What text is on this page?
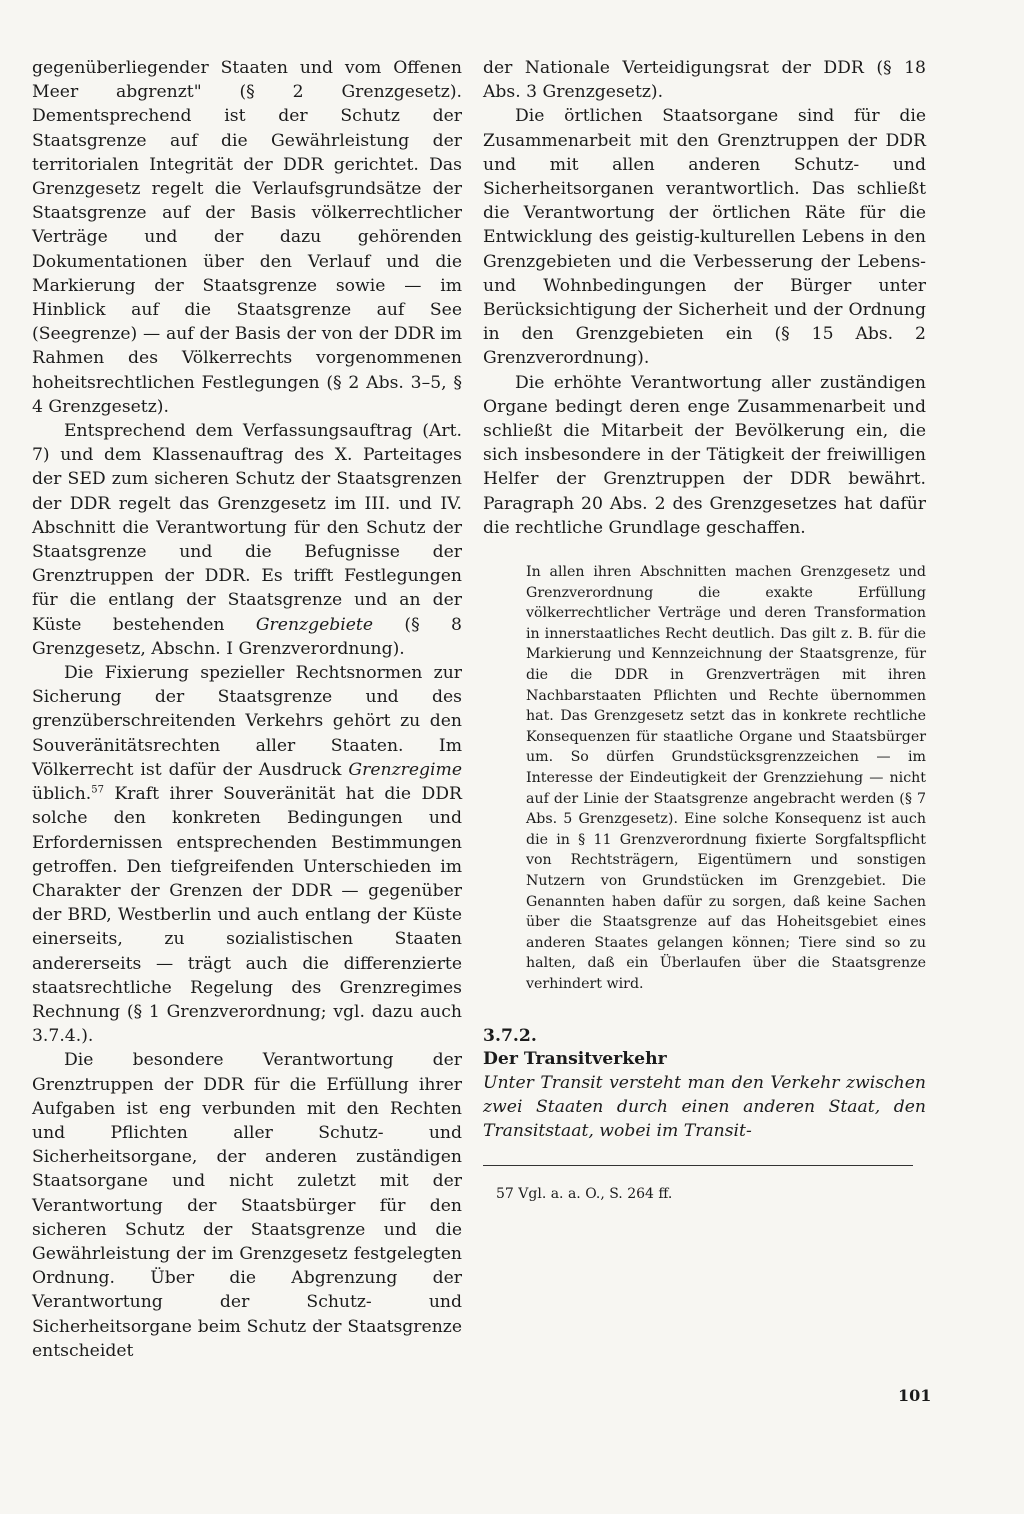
gegenüberliegender Staaten und vom Offenen Meer abgrenzt" (§ 2 Grenzgesetz). Dementsprechend ist der Schutz der Staatsgrenze auf die Gewährleistung der territorialen Integrität der DDR gerichtet. Das Grenzgesetz regelt die Verlaufsgrundsätze der Staatsgrenze auf der Basis völkerrechtlicher Verträge und der dazu gehörenden Dokumentationen über den Verlauf und die Markierung der Staatsgrenze sowie — im Hinblick auf die Staatsgrenze auf See (Seegrenze) — auf der Basis der von der DDR im Rahmen des Völkerrechts vorgenommenen hoheitsrechtlichen Festlegungen (§ 2 Abs. 3–5, § 4 Grenzgesetz).

Entsprechend dem Verfassungsauftrag (Art. 7) und dem Klassenauftrag des X. Parteitages der SED zum sicheren Schutz der Staatsgrenzen der DDR regelt das Grenzgesetz im III. und IV. Abschnitt die Verantwortung für den Schutz der Staatsgrenze und die Befugnisse der Grenztruppen der DDR. Es trifft Festlegungen für die entlang der Staatsgrenze und an der Küste bestehenden Grenzgebiete (§ 8 Grenzgesetz, Abschn. I Grenzverordnung).

Die Fixierung spezieller Rechtsnormen zur Sicherung der Staatsgrenze und des grenzüberschreitenden Verkehrs gehört zu den Souveränitätsrechten aller Staaten. Im Völkerrecht ist dafür der Ausdruck Grenzregime üblich.$^{57}$ Kraft ihrer Souveränität hat die DDR solche den konkreten Bedingungen und Erfordernissen entsprechenden Bestimmungen getroffen. Den tiefgreifenden Unterschieden im Charakter der Grenzen der DDR — gegenüber der BRD, Westberlin und auch entlang der Küste einerseits, zu sozialistischen Staaten andererseits — trägt auch die differenzierte staatsrechtliche Regelung des Grenzregimes Rechnung (§ 1 Grenzverordnung; vgl. dazu auch 3.7.4.).

Die besondere Verantwortung der Grenztruppen der DDR für die Erfüllung ihrer Aufgaben ist eng verbunden mit den Rechten und Pflichten aller Schutz- und Sicherheitsorgane, der anderen zuständigen Staatsorgane und nicht zuletzt mit der Verantwortung der Staatsbürger für den sicheren Schutz der Staatsgrenze und die Gewährleistung der im Grenzgesetz festgelegten Ordnung. Über die Abgrenzung der Verantwortung der Schutz- und Sicherheitsorgane beim Schutz der Staatsgrenze entscheidet

der Nationale Verteidigungsrat der DDR (§ 18 Abs. 3 Grenzgesetz).

Die örtlichen Staatsorgane sind für die Zusammenarbeit mit den Grenztruppen der DDR und mit allen anderen Schutz- und Sicherheitsorganen verantwortlich. Das schließt die Verantwortung der örtlichen Räte für die Entwicklung des geistig-kulturellen Lebens in den Grenzgebieten und die Verbesserung der Lebens- und Wohnbedingungen der Bürger unter Berücksichtigung der Sicherheit und der Ordnung in den Grenzgebieten ein (§ 15 Abs. 2 Grenzverordnung).

Die erhöhte Verantwortung aller zuständigen Organe bedingt deren enge Zusammenarbeit und schließt die Mitarbeit der Bevölkerung ein, die sich insbesondere in der Tätigkeit der freiwilligen Helfer der Grenztruppen der DDR bewährt. Paragraph 20 Abs. 2 des Grenzgesetzes hat dafür die rechtliche Grundlage geschaffen.

In allen ihren Abschnitten machen Grenzgesetz und Grenzverordnung die exakte Erfüllung völkerrechtlicher Verträge und deren Transformation in innerstaatliches Recht deutlich. Das gilt z. B. für die Markierung und Kennzeichnung der Staatsgrenze, für die die DDR in Grenzverträgen mit ihren Nachbarstaaten Pflichten und Rechte übernommen hat. Das Grenzgesetz setzt das in konkrete rechtliche Konsequenzen für staatliche Organe und Staatsbürger um. So dürfen Grundstücksgrenzzeichen — im Interesse der Eindeutigkeit der Grenzziehung — nicht auf der Linie der Staatsgrenze angebracht werden (§ 7 Abs. 5 Grenzgesetz). Eine solche Konsequenz ist auch die in § 11 Grenzverordnung fixierte Sorgfaltspflicht von Rechtsträgern, Eigentümern und sonstigen Nutzern von Grundstücken im Grenzgebiet. Die Genannten haben dafür zu sorgen, daß keine Sachen über die Staatsgrenze auf das Hoheitsgebiet eines anderen Staates gelangen können; Tiere sind so zu halten, daß ein Überlaufen über die Staatsgrenze verhindert wird.

3.7.2.
Der Transitverkehr

Unter Transit versteht man den Verkehr zwischen zwei Staaten durch einen anderen Staat, den Transitstaat, wobei im Transit-

57 Vgl. a. a. O., S. 264 ff.
101
